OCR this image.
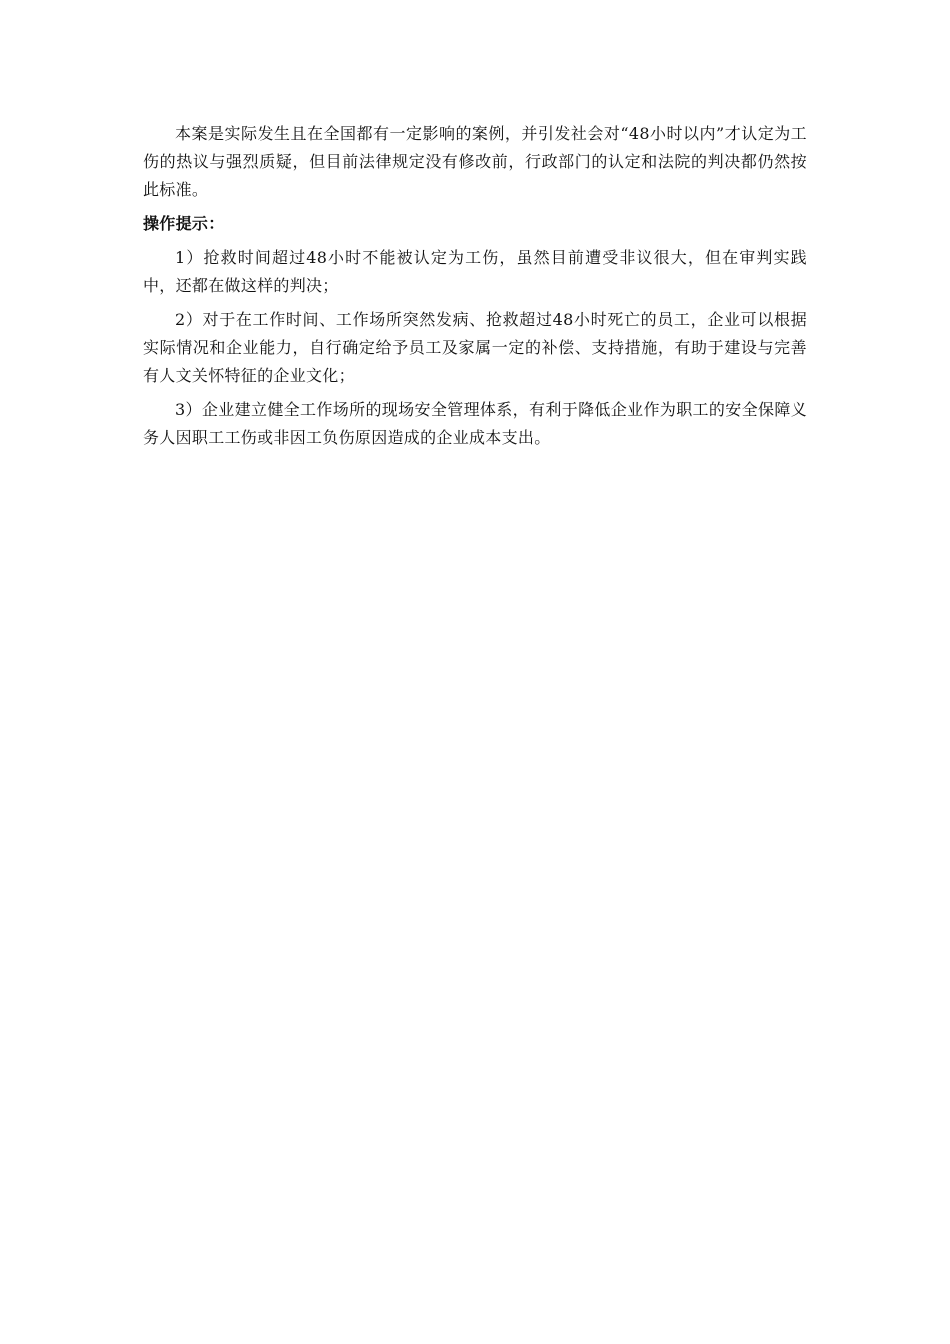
本案是实际发生且在全国都有一定影响的案例，并引发社会对“48小时以内”才认定为工伤的热议与强烈质疑，但目前法律规定没有修改前，行政部门的认定和法院的判决都仍然按此标准。

操作提示：

1）抢救时间超过48小时不能被认定为工伤，虽然目前遭受非议很大，但在审判实践中，还都在做这样的判决；

2）对于在工作时间、工作场所突然发病、抢救超过48小时死亡的员工，企业可以根据实际情况和企业能力，自行确定给予员工及家属一定的补偿、支持措施，有助于建设与完善有人文关怀特征的企业文化；

3）企业建立健全工作场所的现场安全管理体系，有利于降低企业作为职工的安全保障义务人因职工工伤或非因工负伤原因造成的企业成本支出。
